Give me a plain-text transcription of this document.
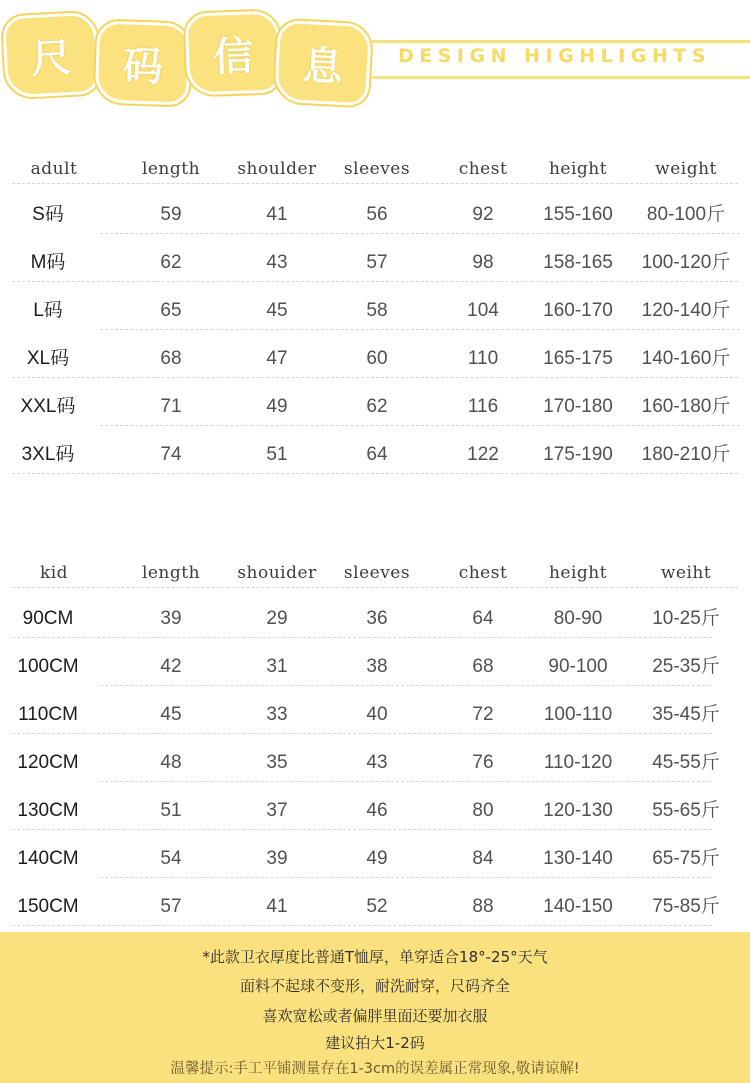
尺	码	信	息	DESIGN HIGHLIGHTS
adult	length	shoulder	sleeves	chest	height	weight
S码	59	41	56	92	155-160	80-100斤
M码	62	43	57	98	158-165	100-120斤
L码	65	45	58	104	160-170	120-140斤
XL码	68	47	60	110	165-175	140-160斤
XXL码	71	49	62	116	170-180	160-180斤
3XL码	74	51	64	122	175-190	180-210斤
kid	length	shouider	sleeves	chest	height	weiht
90CM	39	29	36	64	80-90	10-25斤
100CM	42	31	38	68	90-100	25-35斤
110CM	45	33	40	72	100-110	35-45斤
120CM	48	35	43	76	110-120	45-55斤
130CM	51	37	46	80	120-130	55-65斤
140CM	54	39	49	84	130-140	65-75斤
150CM	57	41	52	88	140-150	75-85斤
*此款卫衣厚度比普通T恤厚，单穿适合18°-25°天气
面料不起球不变形，耐洗耐穿，尺码齐全
喜欢宽松或者偏胖里面还要加衣服
建议拍大1-2码
温馨提示:手工平铺测量存在1-3cm的误差属正常现象,敬请谅解!
